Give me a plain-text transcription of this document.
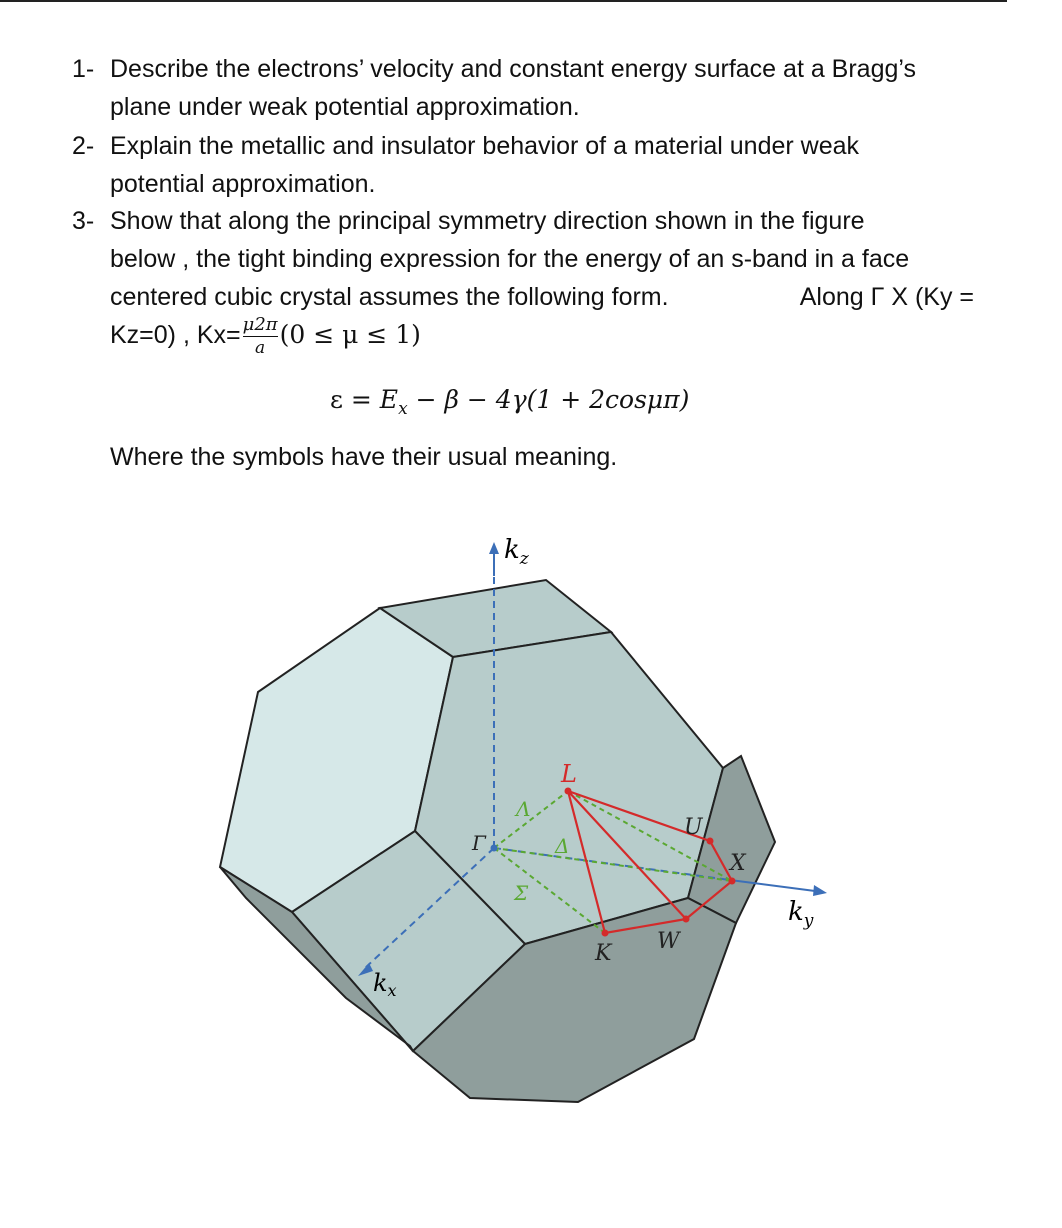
1- Describe the electrons’ velocity and constant energy surface at a Bragg’s
plane under weak potential approximation.
2- Explain the metallic and insulator behavior of a material under weak
potential approximation.
3- Show that along the principal symmetry direction shown in the figure
below , the tight binding expression for the energy of an s-band in a face
centered cubic crystal assumes the following form.	Along Γ X (Ky =
Kz=0) , $Kx= \frac{\mu 2\pi}{a} (0 \le \mu \le 1)$
$\varepsilon = E_x - \beta - 4\gamma(1 + 2\cos\mu\pi)$
Where the symbols have their usual meaning.
$k_z$
$k_x$
$k_y$
Γ
Λ
Δ
Σ
L
U
X
W
K
